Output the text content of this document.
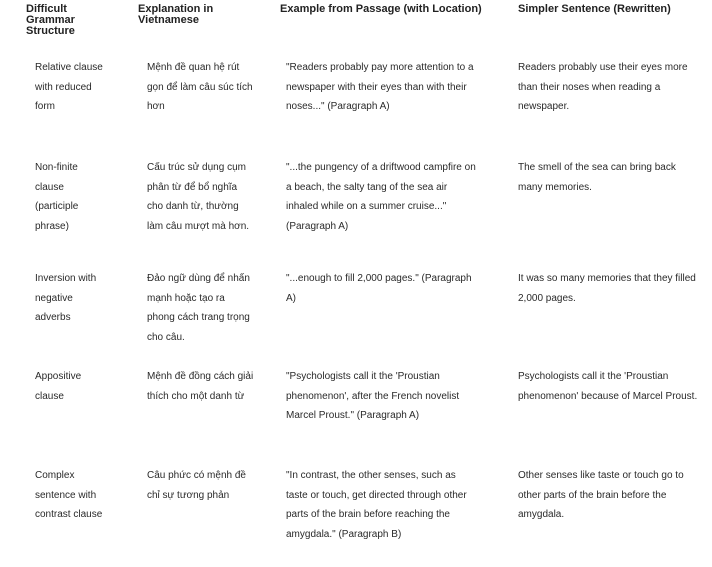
Difficult Grammar Structure	Explanation in Vietnamese	Example from Passage (with Location)	Simpler Sentence (Rewritten)
Relative clause with reduced form	Mệnh đề quan hệ rút gọn để làm câu súc tích hơn	"Readers probably pay more attention to a newspaper with their eyes than with their noses..." (Paragraph A)	Readers probably use their eyes more than their noses when reading a newspaper.
Non-finite clause (participle phrase)	Cấu trúc sử dụng cụm phân từ để bổ nghĩa cho danh từ, thường làm câu mượt mà hơn.	"...the pungency of a driftwood campfire on a beach, the salty tang of the sea air inhaled while on a summer cruise..." (Paragraph A)	The smell of the sea can bring back many memories.
Inversion with negative adverbs	Đảo ngữ dùng để nhấn mạnh hoặc tạo ra phong cách trang trọng cho câu.	"...enough to fill 2,000 pages." (Paragraph A)	It was so many memories that they filled 2,000 pages.
Appositive clause	Mệnh đề đồng cách giải thích cho một danh từ	"Psychologists call it the 'Proustian phenomenon', after the French novelist Marcel Proust." (Paragraph A)	Psychologists call it the 'Proustian phenomenon' because of Marcel Proust.
Complex sentence with contrast clause	Câu phức có mệnh đề chỉ sự tương phản	"In contrast, the other senses, such as taste or touch, get directed through other parts of the brain before reaching the amygdala." (Paragraph B)	Other senses like taste or touch go to other parts of the brain before the amygdala.
